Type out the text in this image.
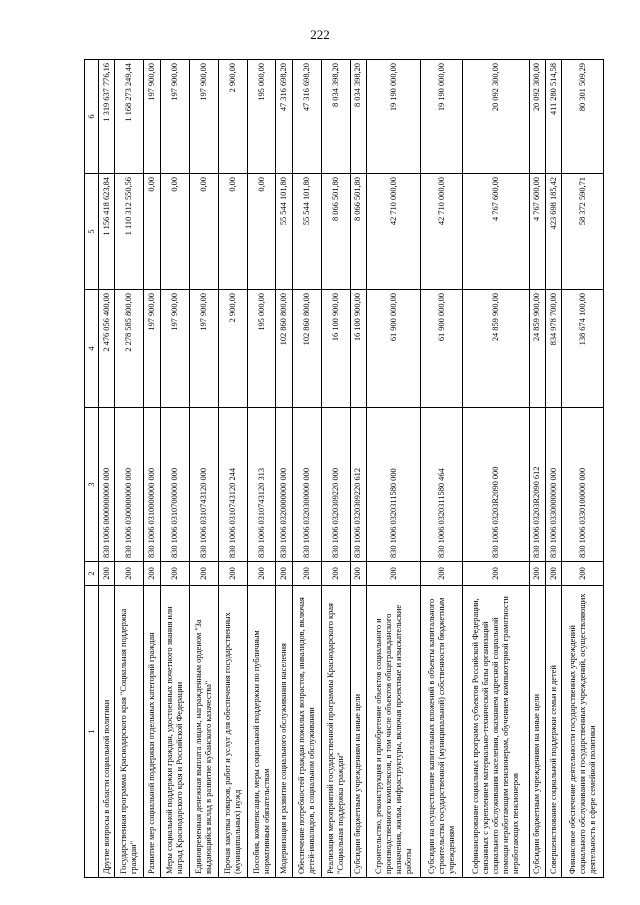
222
1	2	3	4	5	6
Другие вопросы в области социальной политики	200	830 1006 0000000000 000	2 476 056 400,00	1 156 418 623,84	1 319 637 776,16
Государственная программа Краснодарского края "Социальная поддержка граждан"	200	830 1006 0300000000 000	2 278 585 800,00	1 110 312 550,56	1 168 273 249,44
Развитие мер социальной поддержки отдельных категорий граждан	200	830 1006 0310000000 000	197 900,00	0,00	197 900,00
Меры социальной поддержки граждан, удостоенных почетного звания или наград Краснодарского края и Российской Федерации	200	830 1006 0310700000 000	197 900,00	0,00	197 900,00
Единовременная денежная выплата лицам, награжденным орденом "За выдающийся вклад в развитие кубанского казачества"	200	830 1006 0310743120 000	197 900,00	0,00	197 900,00
Прочая закупка товаров, работ и услуг для обеспечения государственных (муниципальных) нужд	200	830 1006 0310743120 244	2 900,00	0,00	2 900,00
Пособия, компенсации, меры социальной поддержки по публичным нормативным обязательствам	200	830 1006 0310743120 313	195 000,00	0,00	195 000,00
Модернизация и развитие социального обслуживания населения	200	830 1006 0320000000 000	102 860 800,00	55 544 101,80	47 316 698,20
Обеспечение потребностей граждан пожилых возрастов, инвалидов, включая детей-инвалидов, в социальном обслуживании	200	830 1006 0320300000 000	102 860 800,00	55 544 101,80	47 316 698,20
Реализация мероприятий государственной программы Краснодарского края "Социальная поддержка граждан"	200	830 1006 0320309220 000	16 100 900,00	8 066 501,80	8 034 398,20
Субсидии бюджетным учреждениям на иные цели	200	830 1006 0320309220 612	16 100 900,00	8 066 501,80	8 034 398,20
Строительство, реконструкция и приобретение объектов социального и производственного комплексов, в том числе объектов общегражданского назначения, жилья, инфраструктуры, включая проектные и изыскательские работы	200	830 1006 0320311580 000	61 900 000,00	42 710 000,00	19 190 000,00
Субсидии на осуществление капитальных вложений в объекты капитального строительства государственной (муниципальной) собственности бюджетным учреждениям	200	830 1006 0320311580 464	61 900 000,00	42 710 000,00	19 190 000,00
Софинансирование социальных программ субъектов Российской Федерации, связанных с укреплением материально-технической базы организаций социального обслуживания населения, оказанием адресной социальной помощи неработающим пенсионерам, обучением компьютерной грамотности неработающих пенсионеров	200	830 1006 03203R2090 000	24 859 900,00	4 767 600,00	20 092 300,00
Субсидии бюджетным учреждениям на иные цели	200	830 1006 03203R2090 612	24 859 900,00	4 767 600,00	20 092 300,00
Совершенствование социальной поддержки семьи и детей	200	830 1006 0330000000 000	834 978 700,00	423 698 185,42	411 280 514,58
Финансовое обеспечение деятельности государственных учреждений социального обслуживания и государственных учреждений, осуществляющих деятельность в сфере семейной политики	200	830 1006 0330100000 000	138 674 100,00	58 372 590,71	80 301 509,29
